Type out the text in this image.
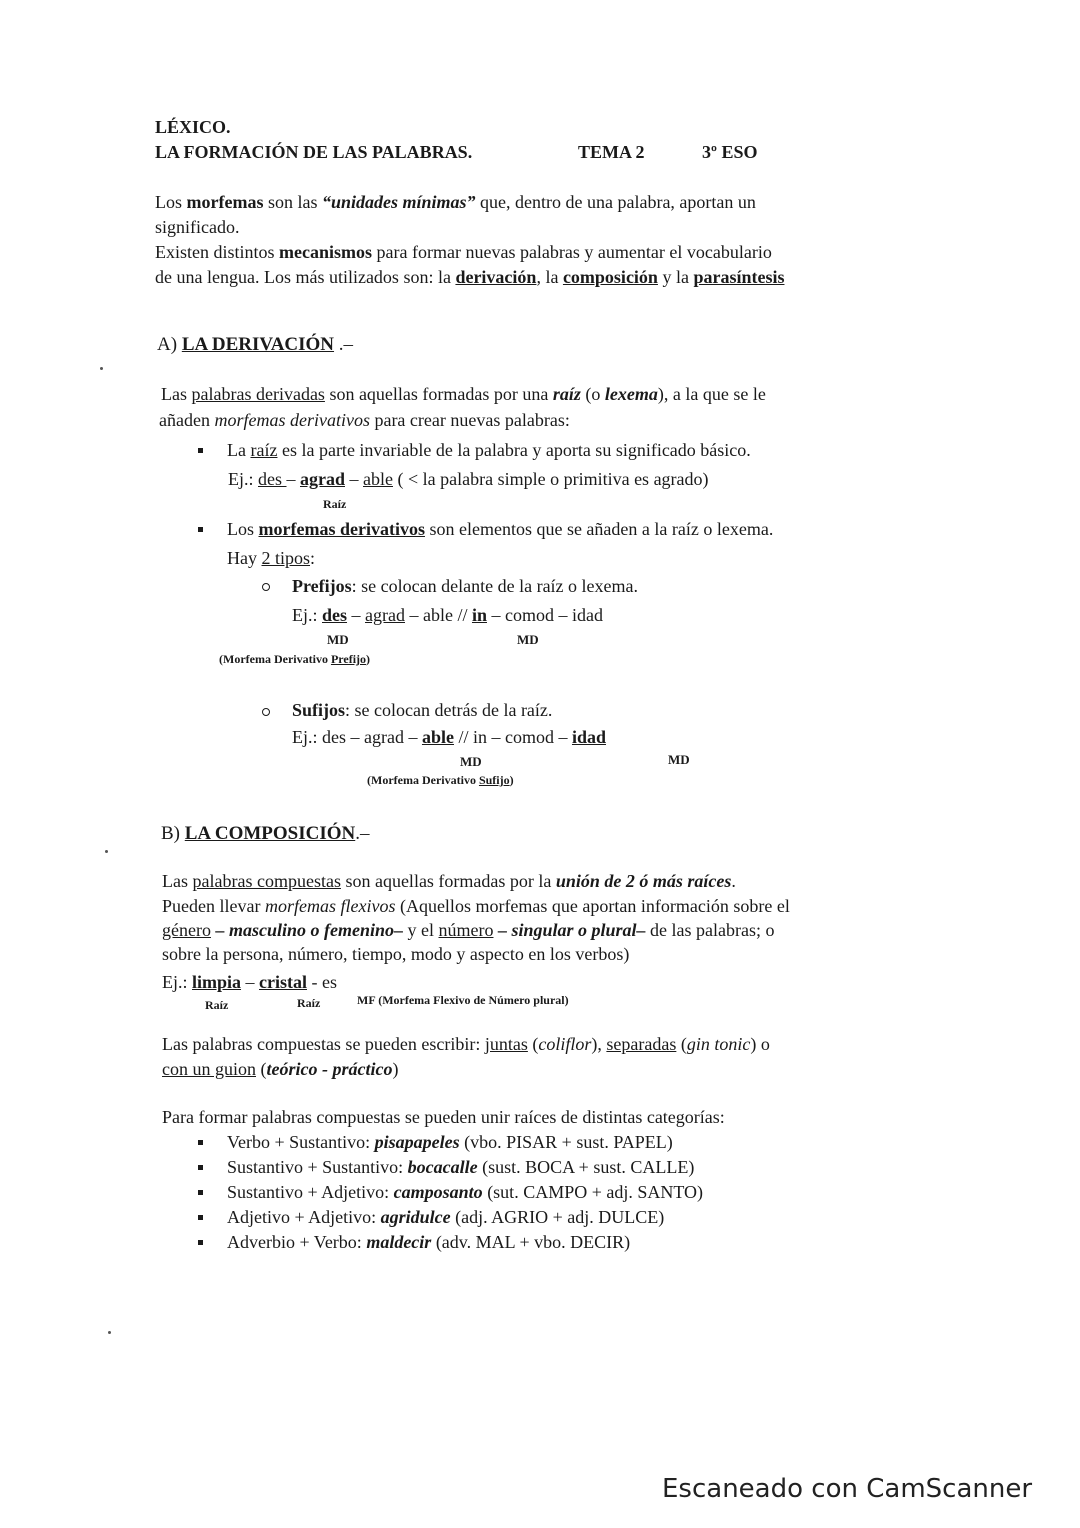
LÉXICO.
LA FORMACIÓN DE LAS PALABRAS.	TEMA 2	3º ESO
Los morfemas son las “unidades mínimas” que, dentro de una palabra, aportan un
significado.
Existen distintos mecanismos para formar nuevas palabras y aumentar el vocabulario
de una lengua. Los más utilizados son: la derivación, la composición y la parasíntesis
A) LA DERIVACIÓN .–
Las palabras derivadas son aquellas formadas por una raíz (o lexema), a la que se le
añaden morfemas derivativos para crear nuevas palabras:
La raíz es la parte invariable de la palabra y aporta su significado básico.
Ej.: des – agrad – able ( < la palabra simple o primitiva es agrado)
Raíz
Los morfemas derivativos son elementos que se añaden a la raíz o lexema.
Hay 2 tipos:
Prefijos: se colocan delante de la raíz o lexema.
Ej.: des – agrad – able // in – comod – idad
MD	MD
(Morfema Derivativo Prefijo)
Sufijos: se colocan detrás de la raíz.
Ej.: des – agrad – able // in – comod – idad
MD	MD
(Morfema Derivativo Sufijo)
B) LA COMPOSICIÓN.–
Las palabras compuestas son aquellas formadas por la unión de 2 ó más raíces.
Pueden llevar morfemas flexivos (Aquellos morfemas que aportan información sobre el
género – masculino o femenino– y el número – singular o plural– de las palabras; o
sobre la persona, número, tiempo, modo y aspecto en los verbos)
Ej.: limpia – cristal - es
Raíz	Raíz	MF (Morfema Flexivo de Número plural)
Las palabras compuestas se pueden escribir: juntas (coliflor), separadas (gin tonic) o
con un guion (teórico - práctico)
Para formar palabras compuestas se pueden unir raíces de distintas categorías:
Verbo + Sustantivo: pisapapeles (vbo. PISAR + sust. PAPEL)
Sustantivo + Sustantivo: bocacalle (sust. BOCA + sust. CALLE)
Sustantivo + Adjetivo: camposanto (sut. CAMPO + adj. SANTO)
Adjetivo + Adjetivo: agridulce (adj. AGRIO + adj. DULCE)
Adverbio + Verbo: maldecir (adv. MAL + vbo. DECIR)
Escaneado con CamScanner
